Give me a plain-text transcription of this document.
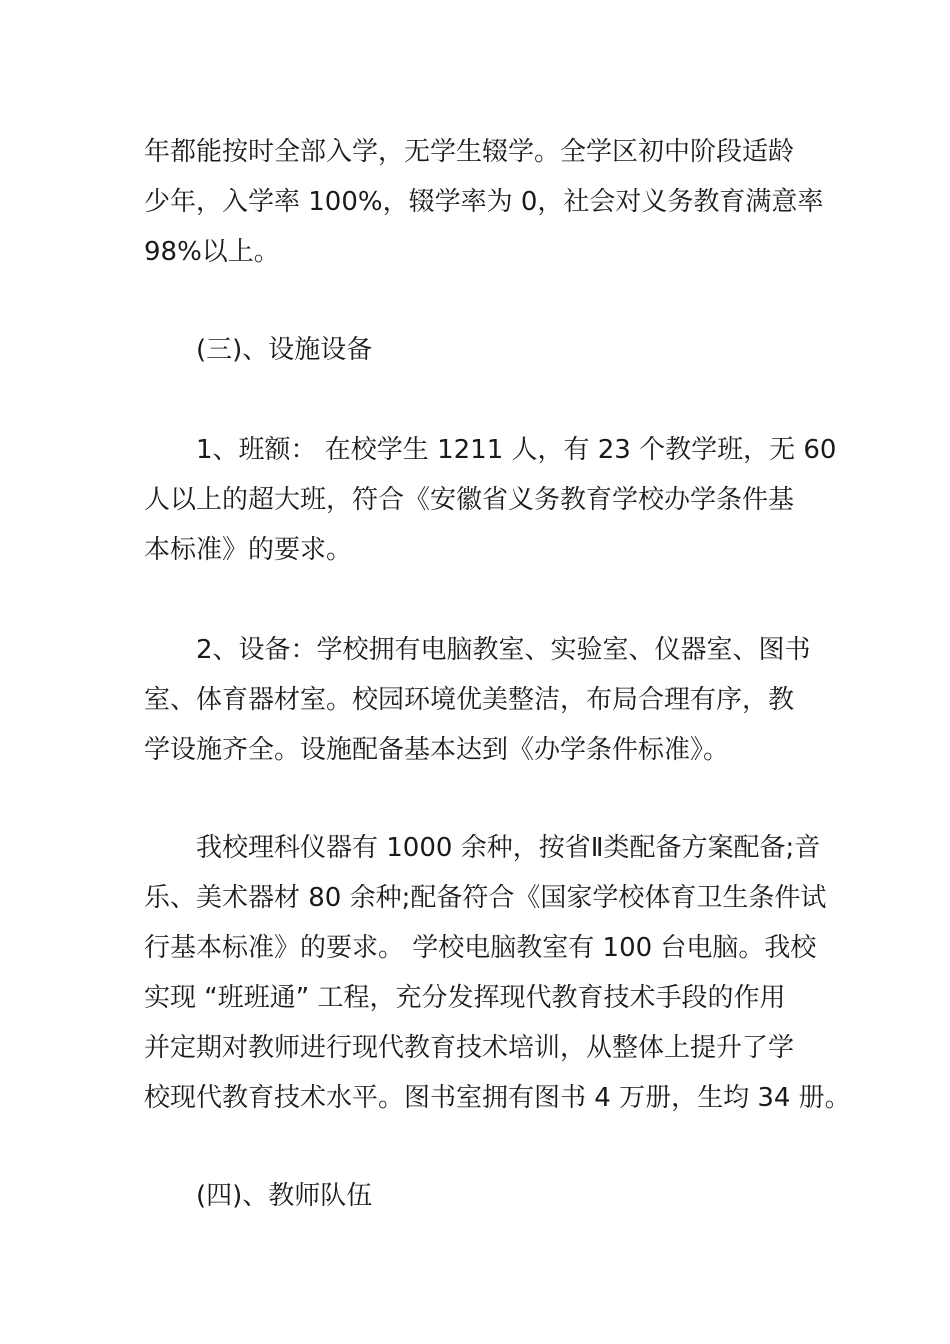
年都能按时全部入学，无学生辍学。全学区初中阶段适龄
少年，入学率 100%，辍学率为 0，社会对义务教育满意率
98%以上。
(三)、设施设备
1、班额： 在校学生 1211 人，有 23 个教学班，无 60
人以上的超大班，符合《安徽省义务教育学校办学条件基
本标准》的要求。
2、设备：学校拥有电脑教室、实验室、仪器室、图书
室、体育器材室。校园环境优美整洁，布局合理有序，教
学设施齐全。设施配备基本达到《办学条件标准》。
我校理科仪器有 1000 余种，按省Ⅱ类配备方案配备;音
乐、美术器材 80 余种;配备符合《国家学校体育卫生条件试
行基本标准》的要求。 学校电脑教室有 100 台电脑。我校
实现 “班班通” 工程，充分发挥现代教育技术手段的作用
并定期对教师进行现代教育技术培训，从整体上提升了学
校现代教育技术水平。图书室拥有图书 4 万册，生均 34 册。
(四)、教师队伍
